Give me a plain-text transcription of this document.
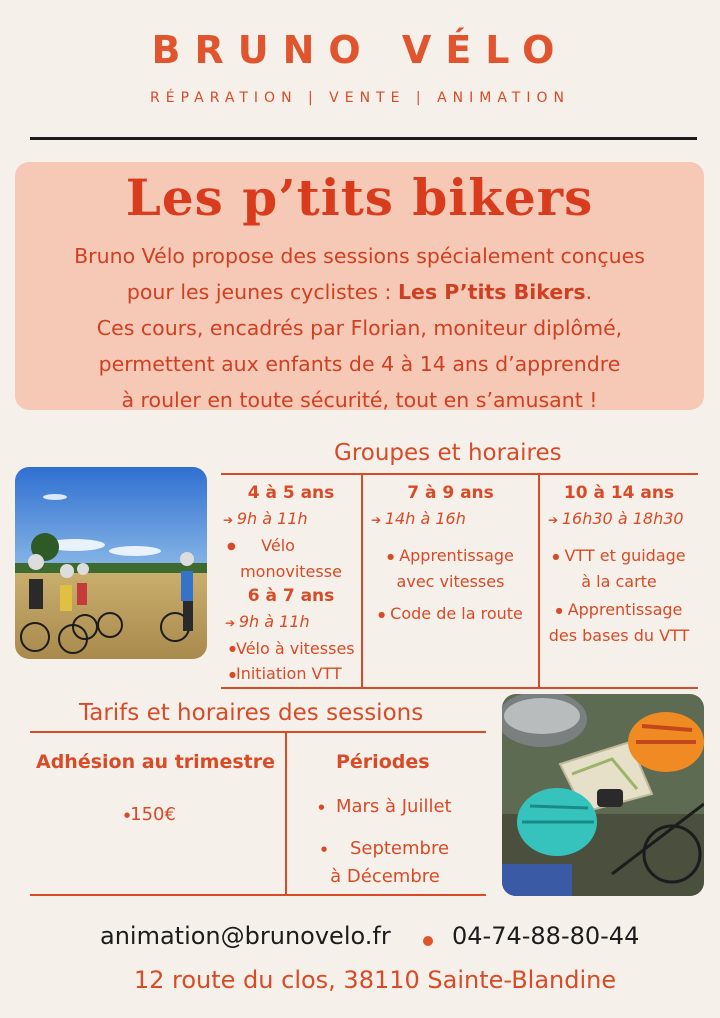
BRUNO VÉLO
RÉPARATION | VENTE | ANIMATION
Les p’tits bikers
Bruno Vélo propose des sessions spécialement conçues
pour les jeunes cyclistes : Les P’tits Bikers.
Ces cours, encadrés par Florian, moniteur diplômé,
permettent aux enfants de 4 à 14 ans d’apprendre
à rouler en toute sécurité, tout en s’amusant !
Groupes et horaires
4 à 5 ans
➔ 9h à 11h
● Vélo
monovitesse
6 à 7 ans
➔ 9h à 11h
●Vélo à vitesses
●Initiation VTT
7 à 9 ans
➔ 14h à 16h
● Apprentissage
avec vitesses
● Code de la route
10 à 14 ans
➔ 16h30 à 18h30
● VTT et guidage
à la carte
● Apprentissage
des bases du VTT
Tarifs et horaires des sessions
Adhésion au trimestre	Périodes
●150€	● Mars à Juillet
● Septembre
à Décembre
animation@brunovelo.fr	04-74-88-80-44
12 route du clos, 38110 Sainte-Blandine
